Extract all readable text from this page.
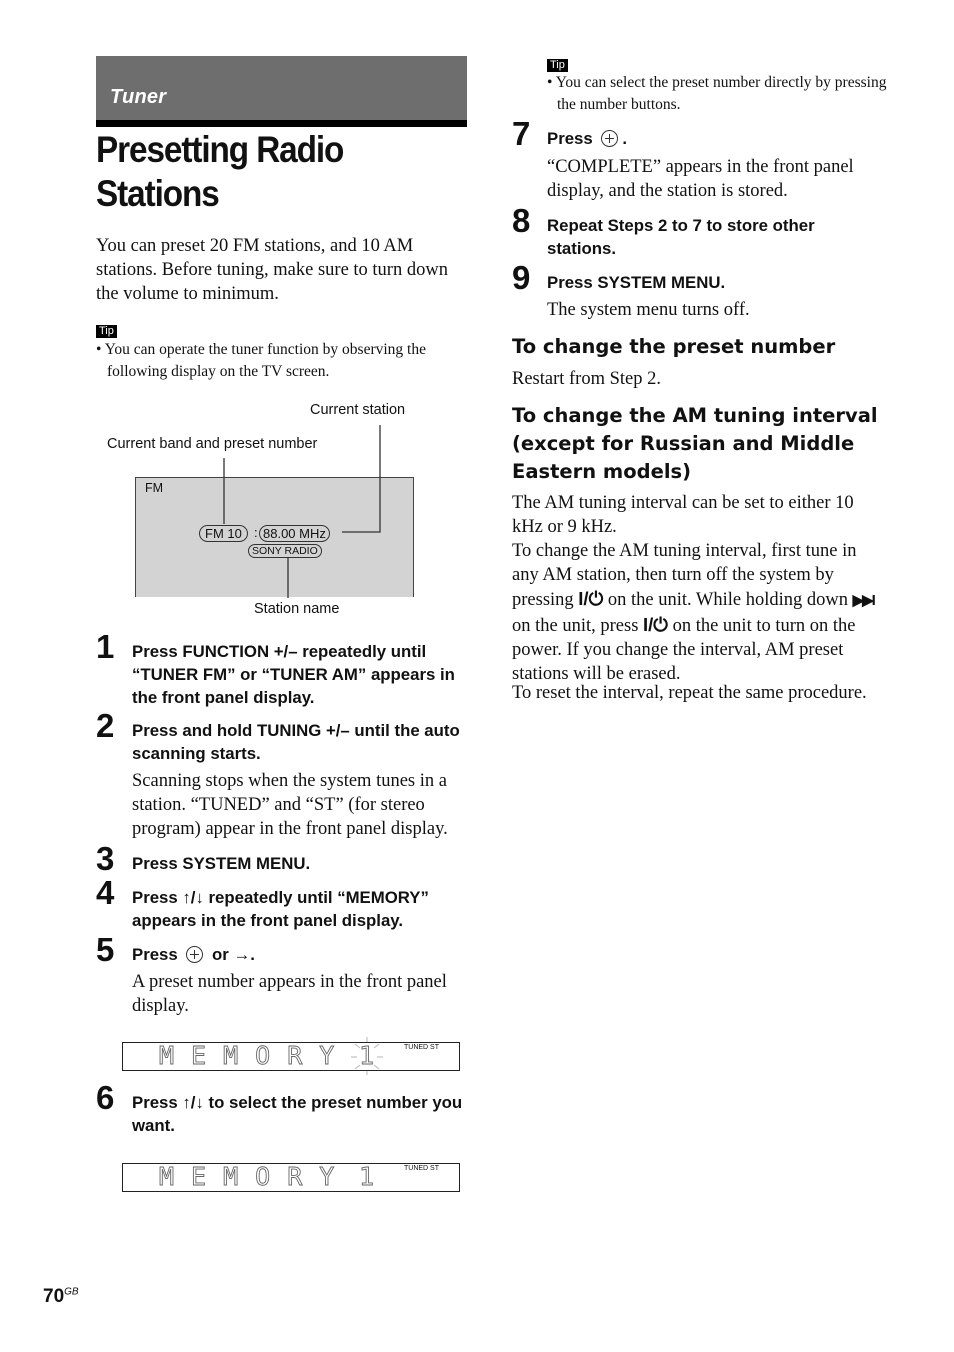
Tuner
Presetting Radio Stations
You can preset 20 FM stations, and 10 AM stations. Before tuning, make sure to turn down the volume to minimum.
Tip
• You can operate the tuner function by observing the following display on the TV screen.
Current station
Current band and preset number
FM
FM 10 : 88.00 MHz
SONY RADIO
Station name
1 Press FUNCTION +/– repeatedly until “TUNER FM” or “TUNER AM” appears in the front panel display.
2 Press and hold TUNING +/– until the auto scanning starts.
Scanning stops when the system tunes in a station. “TUNED” and “ST” (for stereo program) appear in the front panel display.
3 Press SYSTEM MENU.
4 Press ↑/↓ repeatedly until “MEMORY” appears in the front panel display.
5 Press  or →.
A preset number appears in the front panel display.
MEMORY 1	TUNED ST
6 Press ↑/↓ to select the preset number you want.
MEMORY 1	TUNED ST
Tip
• You can select the preset number directly by pressing the number buttons.
7 Press .
“COMPLETE” appears in the front panel display, and the station is stored.
8 Repeat Steps 2 to 7 to store other stations.
9 Press SYSTEM MENU.
The system menu turns off.
To change the preset number
Restart from Step 2.
To change the AM tuning interval (except for Russian and Middle Eastern models)
The AM tuning interval can be set to either 10 kHz or 9 kHz.
To change the AM tuning interval, first tune in any AM station, then turn off the system by pressing I/⏻ on the unit. While holding down ▶▶I on the unit, press I/⏻ on the unit to turn on the power. If you change the interval, AM preset stations will be erased.
To reset the interval, repeat the same procedure.
$70^{GB}$
